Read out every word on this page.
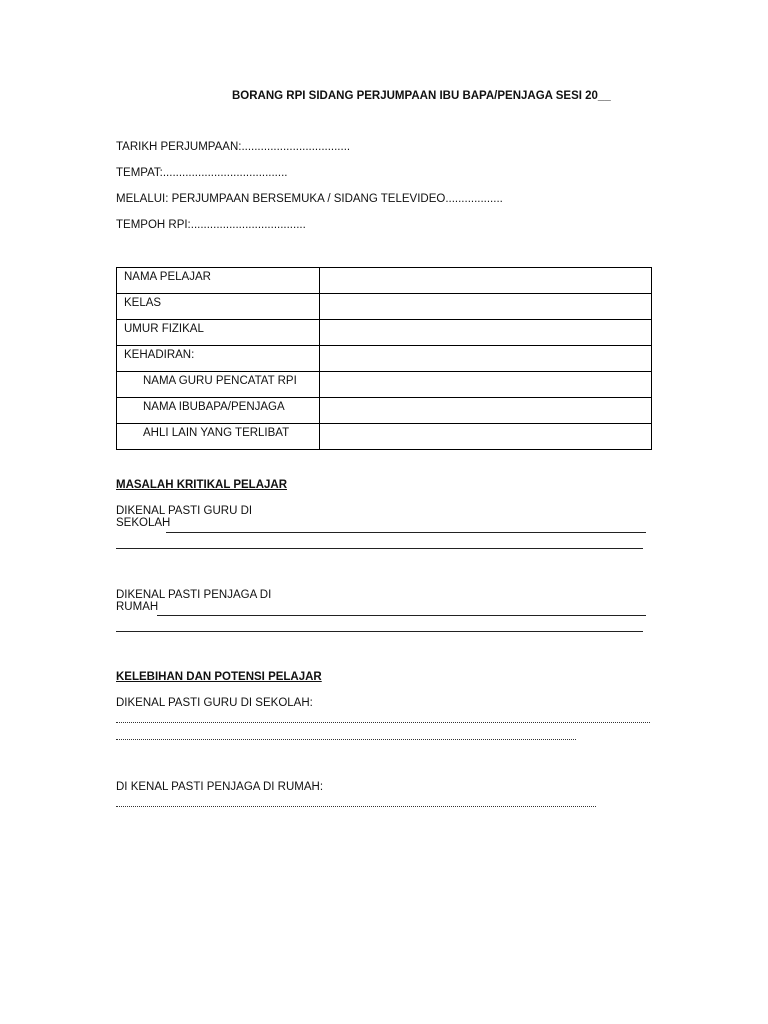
BORANG RPI SIDANG PERJUMPAAN IBU BAPA/PENJAGA SESI 20__
TARIKH PERJUMPAAN:..................................
TEMPAT:.......................................
MELALUI: PERJUMPAAN BERSEMUKA / SIDANG TELEVIDEO..................
TEMPOH RPI:....................................
NAMA PELAJAR	
KELAS	
UMUR FIZIKAL	
KEHADIRAN:	
NAMA GURU PENCATAT RPI	
NAMA IBUBAPA/PENJAGA	
AHLI LAIN YANG TERLIBAT	
MASALAH KRITIKAL PELAJAR
DIKENAL PASTI GURU DI
SEKOLAH
DIKENAL PASTI PENJAGA DI
RUMAH
KELEBIHAN DAN POTENSI PELAJAR
DIKENAL PASTI GURU DI SEKOLAH:
DI KENAL PASTI PENJAGA DI RUMAH:
